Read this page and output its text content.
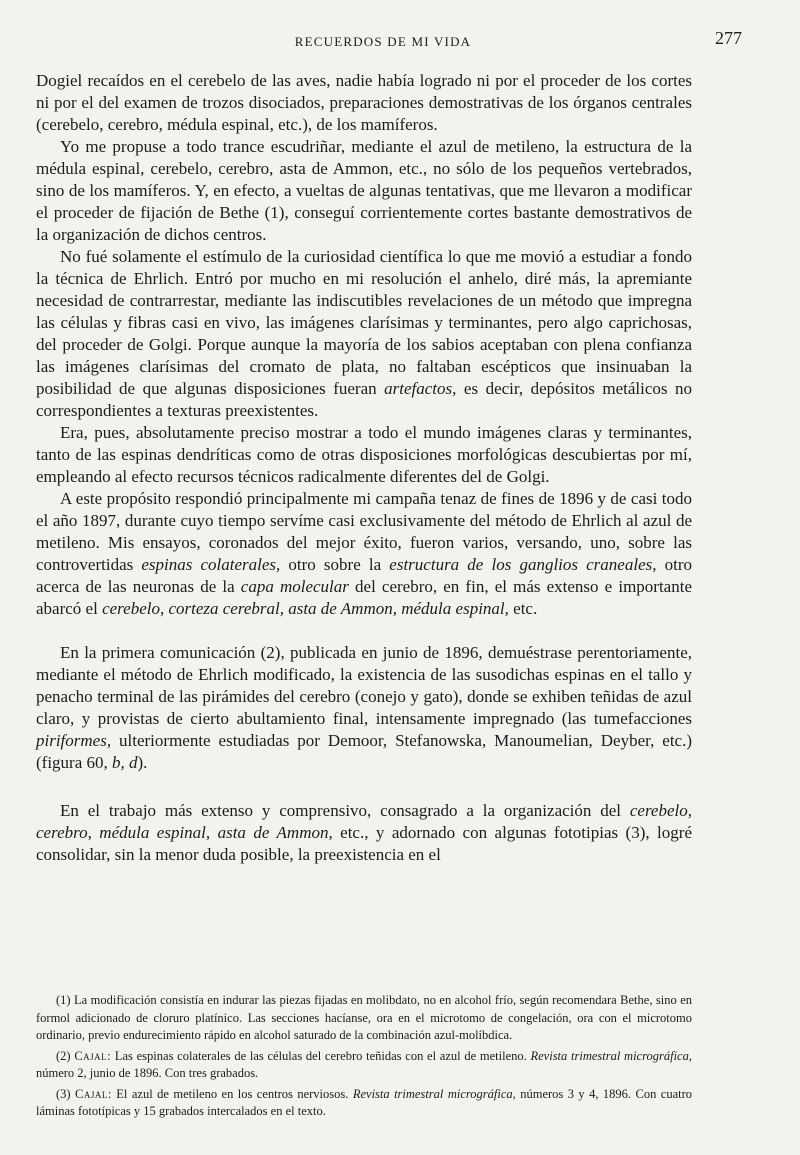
RECUERDOS DE MI VIDA	277

Dogiel recaídos en el cerebelo de las aves, nadie había logrado ni por el proceder de los cortes ni por el del examen de trozos disociados, preparaciones demostrativas de los órganos centrales (cerebelo, cerebro, médula espinal, etc.), de los mamíferos.

Yo me propuse a todo trance escudriñar, mediante el azul de metileno, la estructura de la médula espinal, cerebelo, cerebro, asta de Ammon, etc., no sólo de los pequeños vertebrados, sino de los mamíferos. Y, en efecto, a vueltas de algunas tentativas, que me llevaron a modificar el proceder de fijación de Bethe (1), conseguí corrientemente cortes bastante demostrativos de la organización de dichos centros.

No fué solamente el estímulo de la curiosidad científica lo que me movió a estudiar a fondo la técnica de Ehrlich. Entró por mucho en mi resolución el anhelo, diré más, la apremiante necesidad de contrarrestar, mediante las indiscutibles revelaciones de un método que impregna las células y fibras casi en vivo, las imágenes clarísimas y terminantes, pero algo caprichosas, del proceder de Golgi. Porque aunque la mayoría de los sabios aceptaban con plena confianza las imágenes clarísimas del cromato de plata, no faltaban escépticos que insinuaban la posibilidad de que algunas disposiciones fueran artefactos, es decir, depósitos metálicos no correspondientes a texturas preexistentes.

Era, pues, absolutamente preciso mostrar a todo el mundo imágenes claras y terminantes, tanto de las espinas dendríticas como de otras disposiciones morfológicas descubiertas por mí, empleando al efecto recursos técnicos radicalmente diferentes del de Golgi.

A este propósito respondió principalmente mi campaña tenaz de fines de 1896 y de casi todo el año 1897, durante cuyo tiempo servíme casi exclusivamente del método de Ehrlich al azul de metileno. Mis ensayos, coronados del mejor éxito, fueron varios, versando, uno, sobre las controvertidas espinas colaterales, otro sobre la estructura de los ganglios craneales, otro acerca de las neuronas de la capa molecular del cerebro, en fin, el más extenso e importante abarcó el cerebelo, corteza cerebral, asta de Ammon, médula espinal, etc.

En la primera comunicación (2), publicada en junio de 1896, demuéstrase perentoriamente, mediante el método de Ehrlich modificado, la existencia de las susodichas espinas en el tallo y penacho terminal de las pirámides del cerebro (conejo y gato), donde se exhiben teñidas de azul claro, y provistas de cierto abultamiento final, intensamente impregnado (las tumefacciones piriformes, ulteriormente estudiadas por Demoor, Stefanowska, Manoumelian, Deyber, etc.) (figura 60, b, d).

En el trabajo más extenso y comprensivo, consagrado a la organización del cerebelo, cerebro, médula espinal, asta de Ammon, etc., y adornado con algunas fototipias (3), logré consolidar, sin la menor duda posible, la preexistencia en el

(1) La modificación consistía en indurar las piezas fijadas en molibdato, no en alcohol frío, según recomendara Bethe, sino en formol adicionado de cloruro platínico. Las secciones hacíanse, ora en el microtomo de congelación, ora con el microtomo ordinario, previo endurecimiento rápido en alcohol saturado de la combinación azul-molíbdica.

(2) Cajal: Las espinas colaterales de las células del cerebro teñidas con el azul de metileno. Revista trimestral micrográfica, número 2, junio de 1896. Con tres grabados.

(3) Cajal: El azul de metileno en los centros nerviosos. Revista trimestral micrográfica, números 3 y 4, 1896. Con cuatro láminas fototípicas y 15 grabados intercalados en el texto.
